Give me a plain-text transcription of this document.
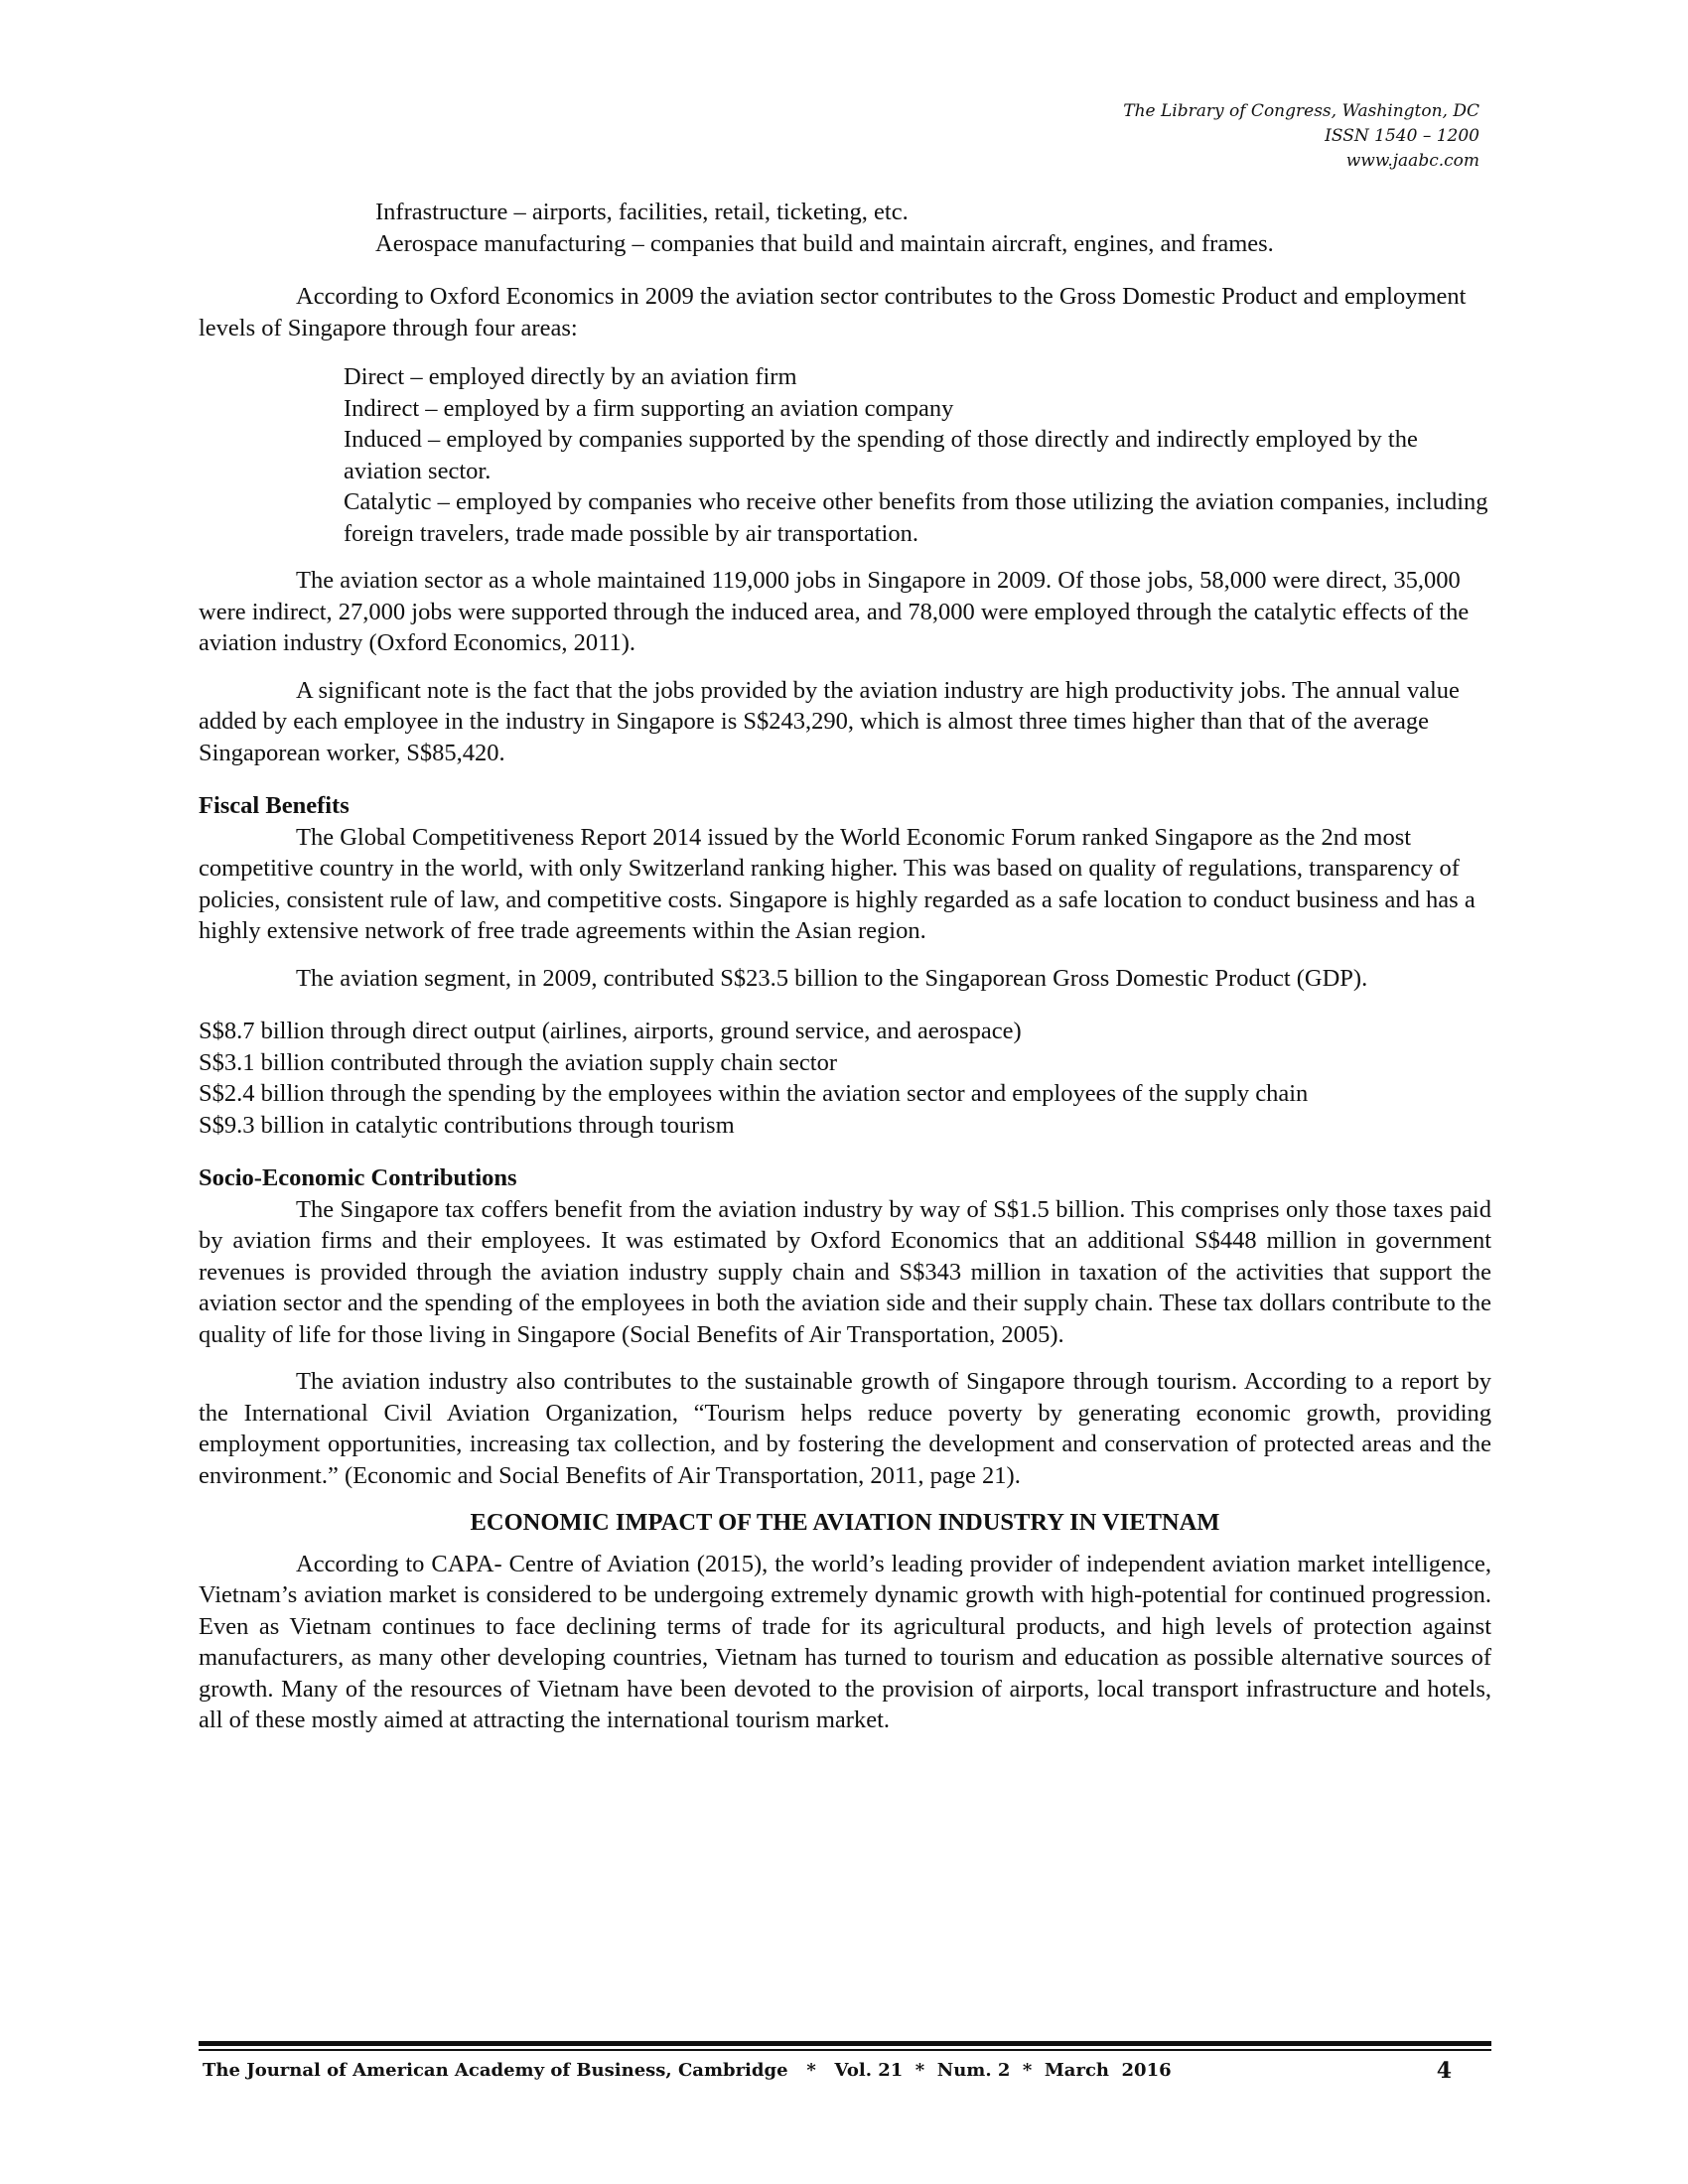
The Library of Congress, Washington, DC
ISSN 1540 – 1200
www.jaabc.com
Infrastructure – airports, facilities, retail, ticketing, etc.
Aerospace manufacturing – companies that build and maintain aircraft, engines, and frames.

According to Oxford Economics in 2009 the aviation sector contributes to the Gross Domestic Product and employment levels of Singapore through four areas:

Direct – employed directly by an aviation firm
Indirect – employed by a firm supporting an aviation company
Induced – employed by companies supported by the spending of those directly and indirectly employed by the aviation sector.
Catalytic – employed by companies who receive other benefits from those utilizing the aviation companies, including foreign travelers, trade made possible by air transportation.

The aviation sector as a whole maintained 119,000 jobs in Singapore in 2009. Of those jobs, 58,000 were direct, 35,000 were indirect, 27,000 jobs were supported through the induced area, and 78,000 were employed through the catalytic effects of the aviation industry (Oxford Economics, 2011).

A significant note is the fact that the jobs provided by the aviation industry are high productivity jobs. The annual value added by each employee in the industry in Singapore is S$243,290, which is almost three times higher than that of the average Singaporean worker, S$85,420.

Fiscal Benefits

The Global Competitiveness Report 2014 issued by the World Economic Forum ranked Singapore as the 2nd most competitive country in the world, with only Switzerland ranking higher. This was based on quality of regulations, transparency of policies, consistent rule of law, and competitive costs. Singapore is highly regarded as a safe location to conduct business and has a highly extensive network of free trade agreements within the Asian region.

The aviation segment, in 2009, contributed S$23.5 billion to the Singaporean Gross Domestic Product (GDP).

S$8.7 billion through direct output (airlines, airports, ground service, and aerospace)
S$3.1 billion contributed through the aviation supply chain sector
S$2.4 billion through the spending by the employees within the aviation sector and employees of the supply chain
S$9.3 billion in catalytic contributions through tourism

Socio-Economic Contributions

The Singapore tax coffers benefit from the aviation industry by way of S$1.5 billion. This comprises only those taxes paid by aviation firms and their employees. It was estimated by Oxford Economics that an additional S$448 million in government revenues is provided through the aviation industry supply chain and S$343 million in taxation of the activities that support the aviation sector and the spending of the employees in both the aviation side and their supply chain. These tax dollars contribute to the quality of life for those living in Singapore (Social Benefits of Air Transportation, 2005).

The aviation industry also contributes to the sustainable growth of Singapore through tourism. According to a report by the International Civil Aviation Organization, “Tourism helps reduce poverty by generating economic growth, providing employment opportunities, increasing tax collection, and by fostering the development and conservation of protected areas and the environment.” (Economic and Social Benefits of Air Transportation, 2011, page 21).

ECONOMIC IMPACT OF THE AVIATION INDUSTRY IN VIETNAM

According to CAPA- Centre of Aviation (2015), the world’s leading provider of independent aviation market intelligence, Vietnam’s aviation market is considered to be undergoing extremely dynamic growth with high-potential for continued progression. Even as Vietnam continues to face declining terms of trade for its agricultural products, and high levels of protection against manufacturers, as many other developing countries, Vietnam has turned to tourism and education as possible alternative sources of growth. Many of the resources of Vietnam have been devoted to the provision of airports, local transport infrastructure and hotels, all of these mostly aimed at attracting the international tourism market.

The Journal of American Academy of Business, Cambridge   *   Vol. 21  *  Num. 2  *  March  2016	4
